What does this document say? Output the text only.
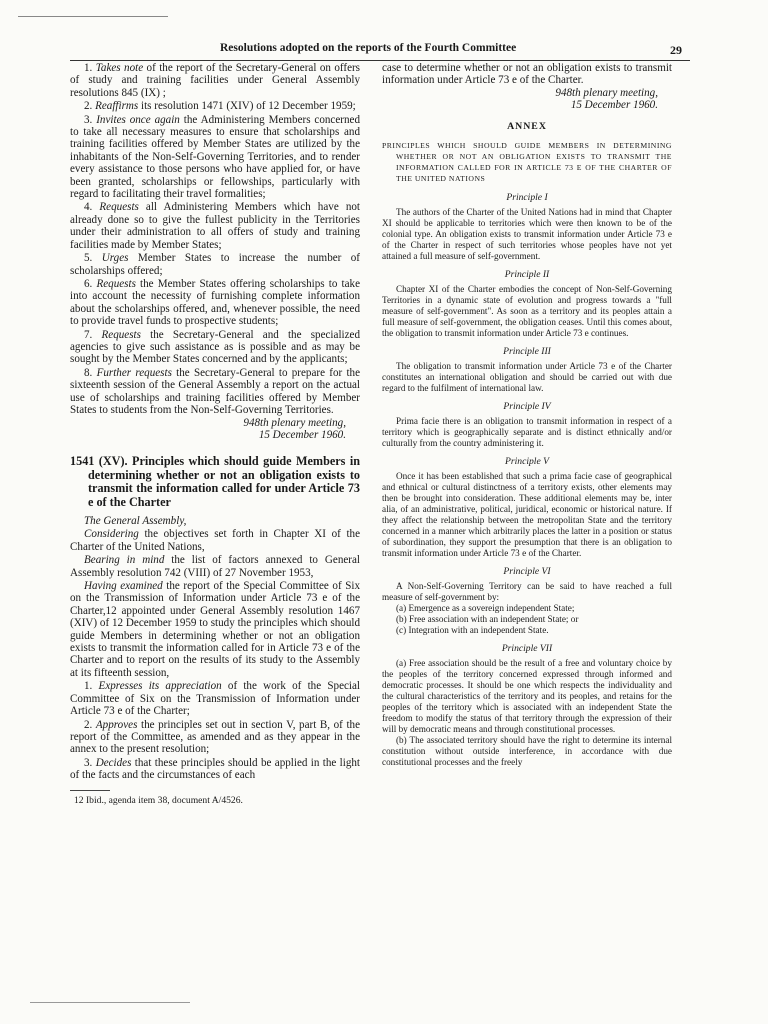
Resolutions adopted on the reports of the Fourth Committee	29
1. Takes note of the report of the Secretary-General on offers of study and training facilities under General Assembly resolutions 845 (IX) ;
2. Reaffirms its resolution 1471 (XIV) of 12 December 1959;
3. Invites once again the Administering Members concerned to take all necessary measures to ensure that scholarships and training facilities offered by Member States are utilized by the inhabitants of the Non-Self-Governing Territories, and to render every assistance to those persons who have applied for, or have been granted, scholarships or fellowships, particularly with regard to facilitating their travel formalities;
4. Requests all Administering Members which have not already done so to give the fullest publicity in the Territories under their administration to all offers of study and training facilities made by Member States;
5. Urges Member States to increase the number of scholarships offered;
6. Requests the Member States offering scholarships to take into account the necessity of furnishing complete information about the scholarships offered, and, whenever possible, the need to provide travel funds to prospective students;
7. Requests the Secretary-General and the specialized agencies to give such assistance as is possible and as may be sought by the Member States concerned and by the applicants;
8. Further requests the Secretary-General to prepare for the sixteenth session of the General Assembly a report on the actual use of scholarships and training facilities offered by Member States to students from the Non-Self-Governing Territories.
948th plenary meeting,
15 December 1960.
1541 (XV). Principles which should guide Members in determining whether or not an obligation exists to transmit the information called for under Article 73 e of the Charter
The General Assembly,
Considering the objectives set forth in Chapter XI of the Charter of the United Nations,
Bearing in mind the list of factors annexed to General Assembly resolution 742 (VIII) of 27 November 1953,
Having examined the report of the Special Committee of Six on the Transmission of Information under Article 73 e of the Charter,12 appointed under General Assembly resolution 1467 (XIV) of 12 December 1959 to study the principles which should guide Members in determining whether or not an obligation exists to transmit the information called for in Article 73 e of the Charter and to report on the results of its study to the Assembly at its fifteenth session,
1. Expresses its appreciation of the work of the Special Committee of Six on the Transmission of Information under Article 73 e of the Charter;
2. Approves the principles set out in section V, part B, of the report of the Committee, as amended and as they appear in the annex to the present resolution;
3. Decides that these principles should be applied in the light of the facts and the circumstances of each
12 Ibid., agenda item 38, document A/4526.
case to determine whether or not an obligation exists to transmit information under Article 73 e of the Charter.
948th plenary meeting,
15 December 1960.
ANNEX
PRINCIPLES WHICH SHOULD GUIDE MEMBERS IN DETERMINING WHETHER OR NOT AN OBLIGATION EXISTS TO TRANSMIT THE INFORMATION CALLED FOR IN ARTICLE 73 E OF THE CHARTER OF THE UNITED NATIONS
Principle I
The authors of the Charter of the United Nations had in mind that Chapter XI should be applicable to territories which were then known to be of the colonial type. An obligation exists to transmit information under Article 73 e of the Charter in respect of such territories whose peoples have not yet attained a full measure of self-government.
Principle II
Chapter XI of the Charter embodies the concept of Non-Self-Governing Territories in a dynamic state of evolution and progress towards a "full measure of self-government". As soon as a territory and its peoples attain a full measure of self-government, the obligation ceases. Until this comes about, the obligation to transmit information under Article 73 e continues.
Principle III
The obligation to transmit information under Article 73 e of the Charter constitutes an international obligation and should be carried out with due regard to the fulfilment of international law.
Principle IV
Prima facie there is an obligation to transmit information in respect of a territory which is geographically separate and is distinct ethnically and/or culturally from the country administering it.
Principle V
Once it has been established that such a prima facie case of geographical and ethnical or cultural distinctness of a territory exists, other elements may then be brought into consideration. These additional elements may be, inter alia, of an administrative, political, juridical, economic or historical nature. If they affect the relationship between the metropolitan State and the territory concerned in a manner which arbitrarily places the latter in a position or status of subordination, they support the presumption that there is an obligation to transmit information under Article 73 e of the Charter.
Principle VI
A Non-Self-Governing Territory can be said to have reached a full measure of self-government by:
(a) Emergence as a sovereign independent State;
(b) Free association with an independent State; or
(c) Integration with an independent State.
Principle VII
(a) Free association should be the result of a free and voluntary choice by the peoples of the territory concerned expressed through informed and democratic processes. It should be one which respects the individuality and the cultural characteristics of the territory and its peoples, and retains for the peoples of the territory which is associated with an independent State the freedom to modify the status of that territory through the expression of their will by democratic means and through constitutional processes.
(b) The associated territory should have the right to determine its internal constitution without outside interference, in accordance with due constitutional processes and the freely
